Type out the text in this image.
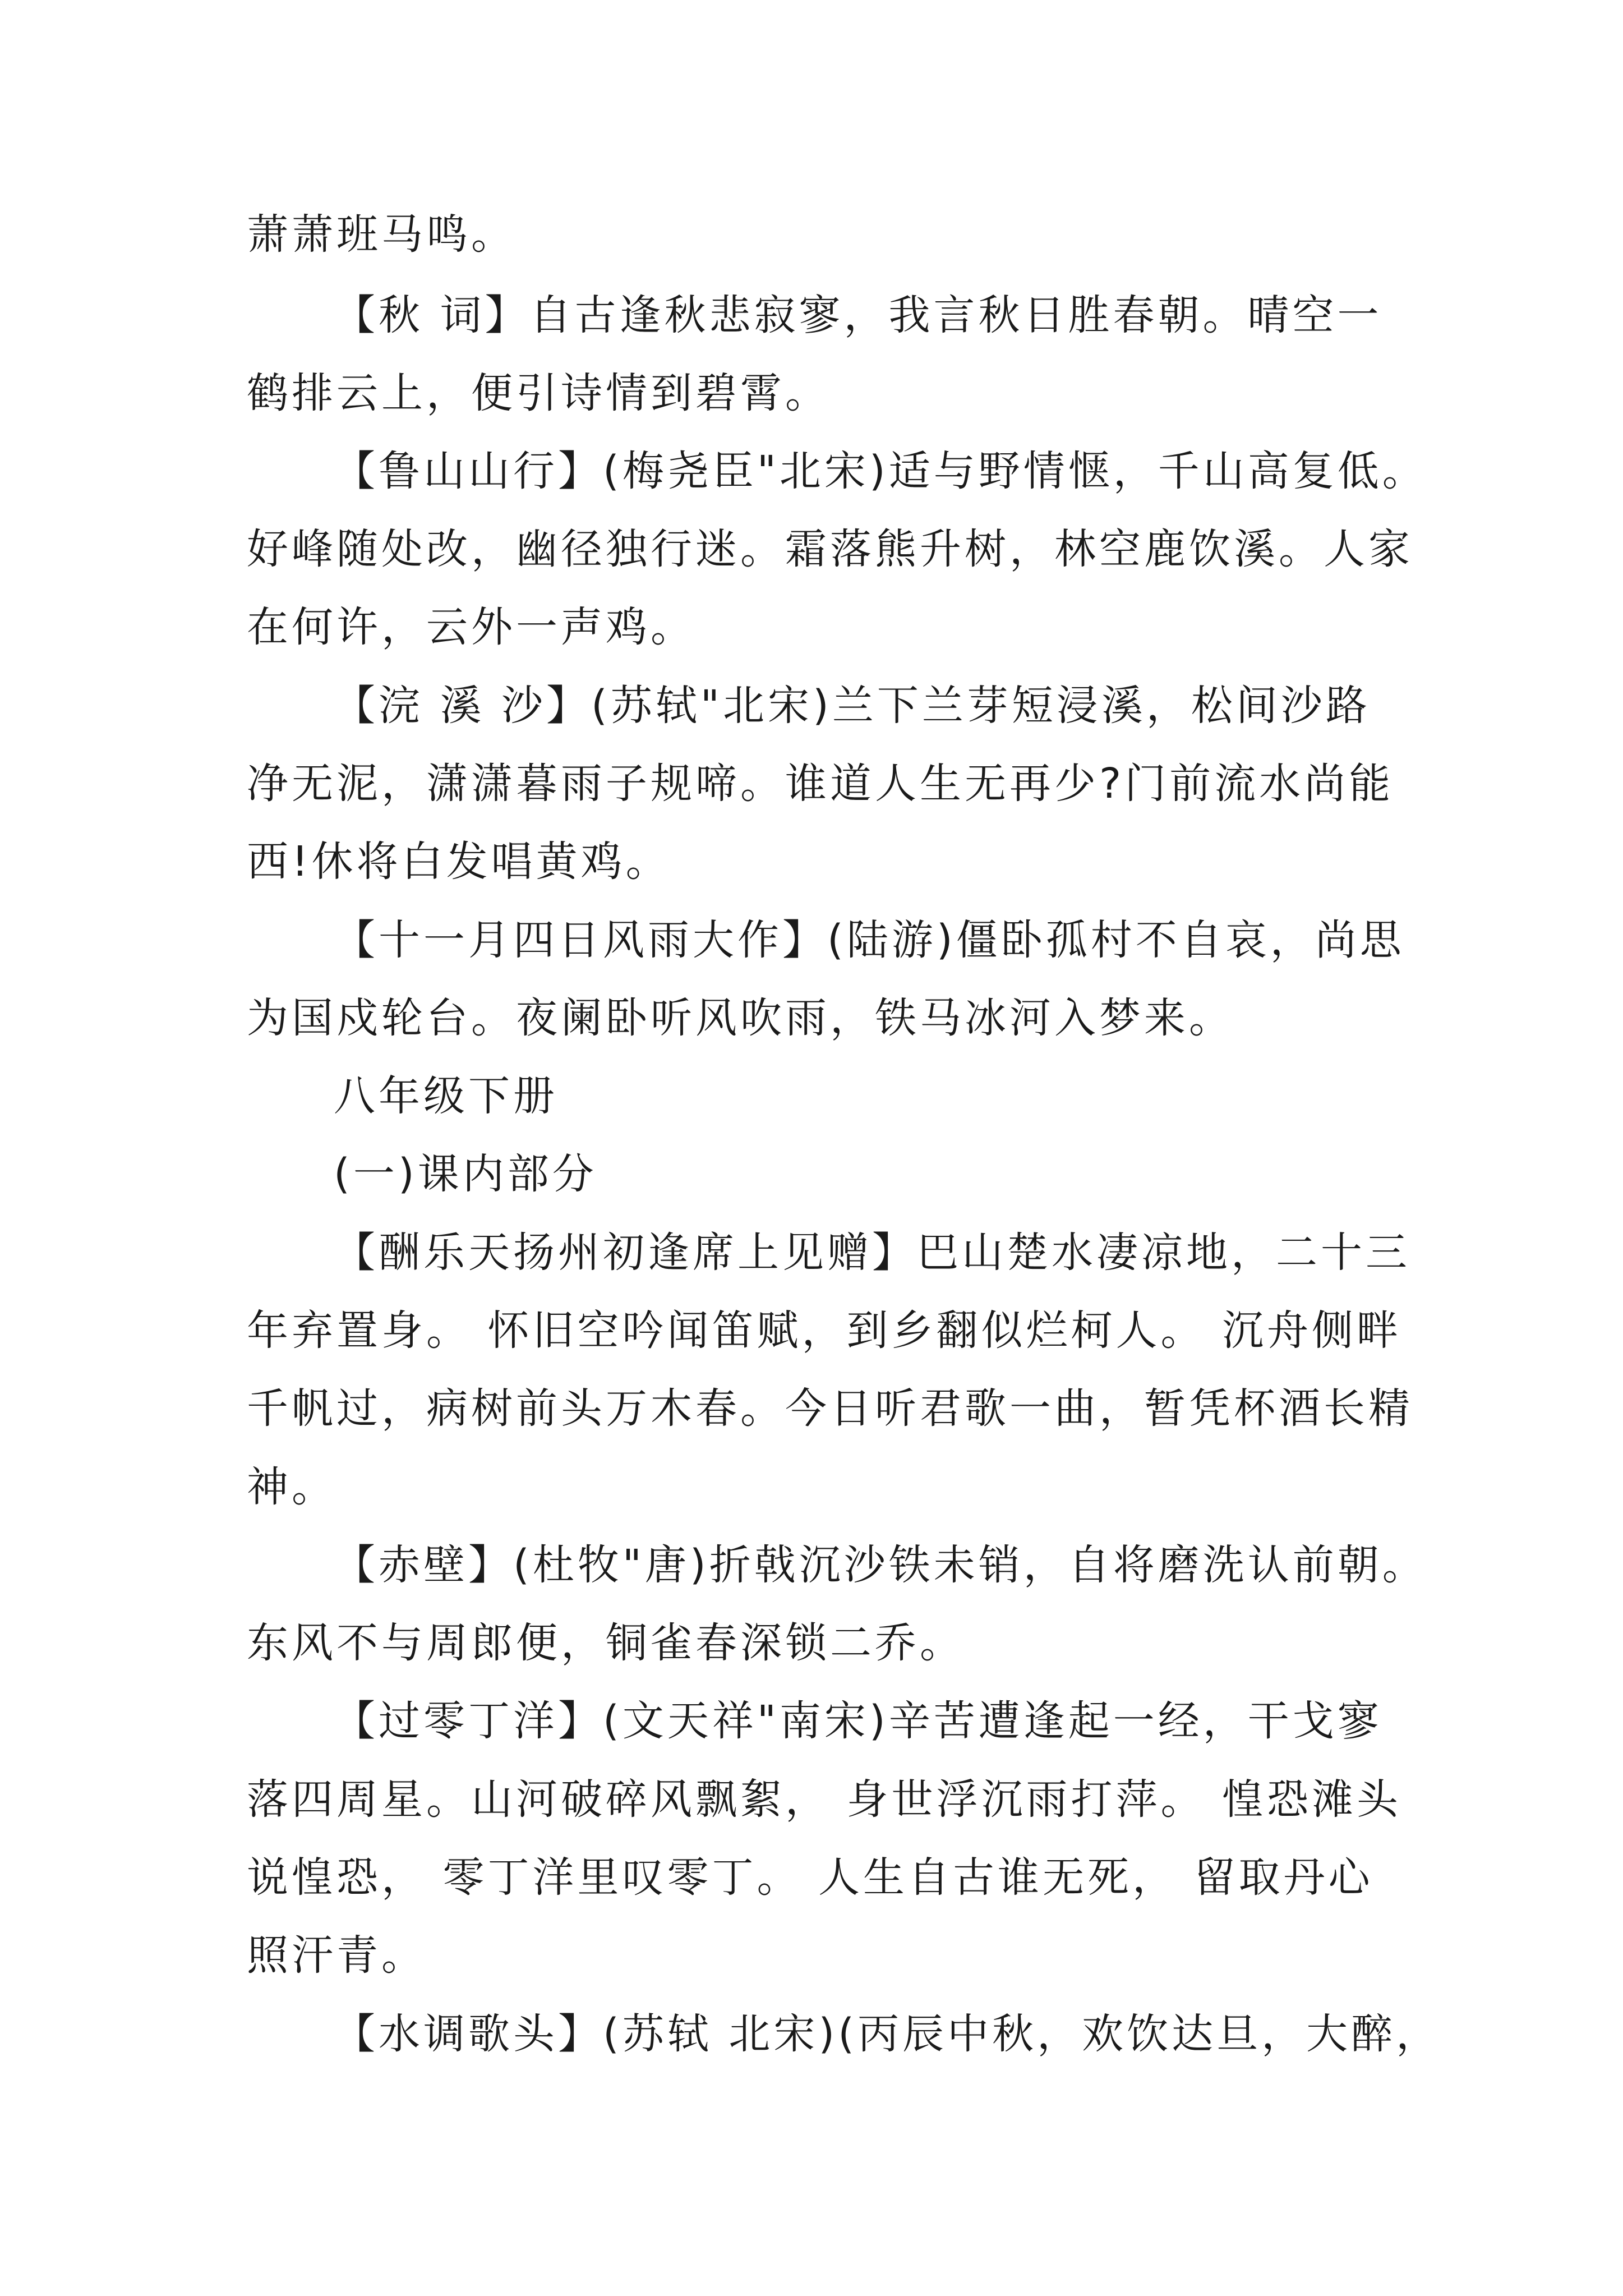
萧萧班马鸣。
【秋 词】自古逢秋悲寂寥，我言秋日胜春朝。晴空一
鹤排云上，便引诗情到碧霄。
【鲁山山行】(梅尧臣"北宋)适与野情惬，千山高复低。
好峰随处改，幽径独行迷。霜落熊升树，林空鹿饮溪。人家
在何许，云外一声鸡。
【浣 溪 沙】(苏轼"北宋)兰下兰芽短浸溪，松间沙路
净无泥，潇潇暮雨子规啼。谁道人生无再少?门前流水尚能
西!休将白发唱黄鸡。
【十一月四日风雨大作】(陆游)僵卧孤村不自哀，尚思
为国戍轮台。夜阑卧听风吹雨，铁马冰河入梦来。
八年级下册
(一)课内部分
【酬乐天扬州初逢席上见赠】巴山楚水凄凉地，二十三
年弃置身。 怀旧空吟闻笛赋，到乡翻似烂柯人。 沉舟侧畔
千帆过，病树前头万木春。今日听君歌一曲，暂凭杯酒长精
神。
【赤壁】(杜牧"唐)折戟沉沙铁未销，自将磨洗认前朝。
东风不与周郎便，铜雀春深锁二乔。
【过零丁洋】(文天祥"南宋)辛苦遭逢起一经，干戈寥
落四周星。山河破碎风飘絮， 身世浮沉雨打萍。 惶恐滩头
说惶恐， 零丁洋里叹零丁。 人生自古谁无死， 留取丹心
照汗青。
【水调歌头】(苏轼 北宋)(丙辰中秋，欢饮达旦，大醉，
